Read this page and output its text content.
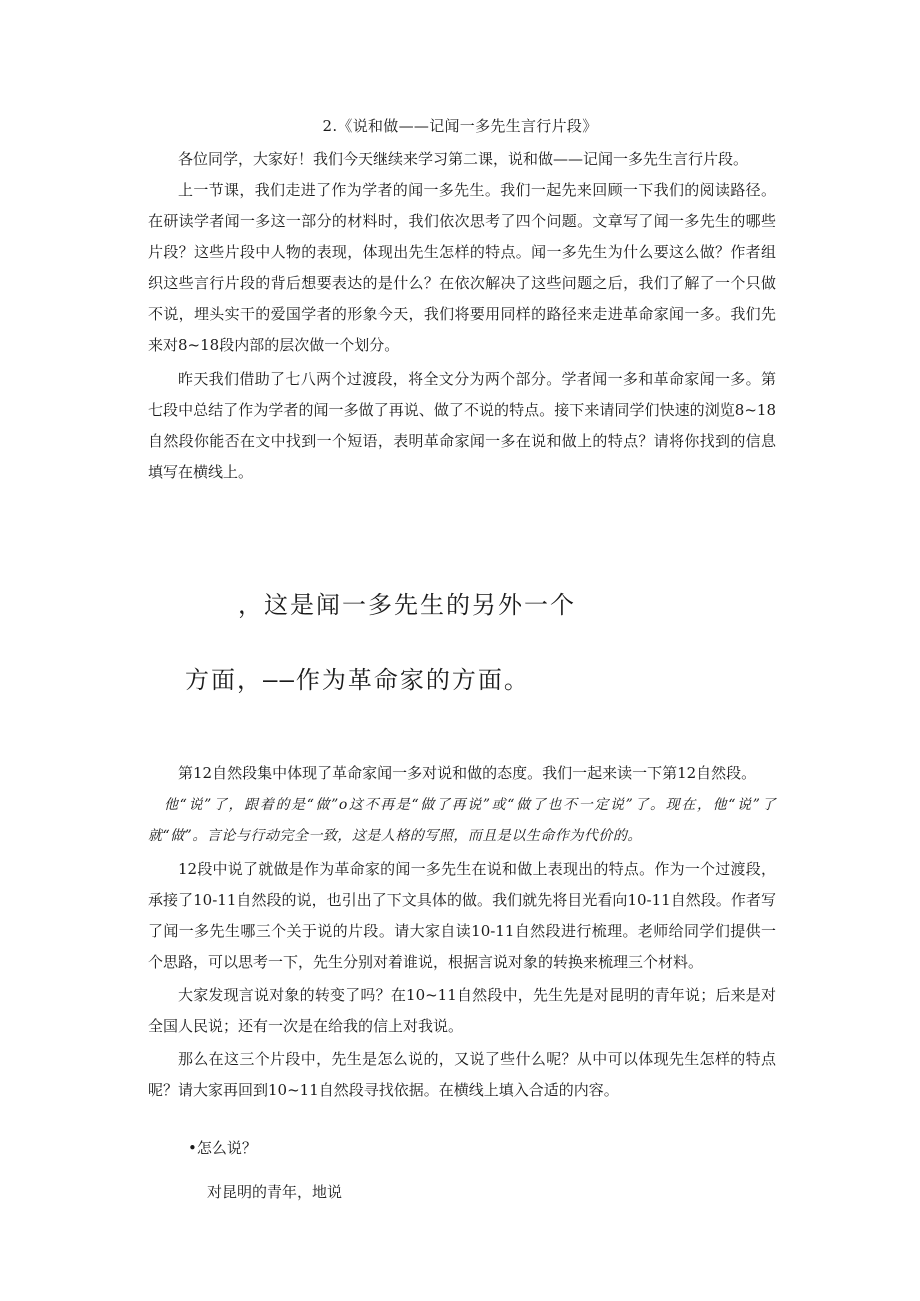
2.《说和做——记闻一多先生言行片段》

各位同学，大家好！我们今天继续来学习第二课，说和做——记闻一多先生言行片段。

上一节课，我们走进了作为学者的闻一多先生。我们一起先来回顾一下我们的阅读路径。在研读学者闻一多这一部分的材料时，我们依次思考了四个问题。文章写了闻一多先生的哪些片段？这些片段中人物的表现，体现出先生怎样的特点。闻一多先生为什么要这么做？作者组织这些言行片段的背后想要表达的是什么？在依次解决了这些问题之后，我们了解了一个只做不说，埋头实干的爱国学者的形象今天，我们将要用同样的路径来走进革命家闻一多。我们先来对8~18段内部的层次做一个划分。

昨天我们借助了七八两个过渡段，将全文分为两个部分。学者闻一多和革命家闻一多。第七段中总结了作为学者的闻一多做了再说、做了不说的特点。接下来请同学们快速的浏览8~18自然段你能否在文中找到一个短语，表明革命家闻一多在说和做上的特点？请将你找到的信息填写在横线上。

，这是闻一多先生的另外一个
方面，——作为革命家的方面。

第12自然段集中体现了革命家闻一多对说和做的态度。我们一起来读一下第12自然段。

他“说”了，跟着的是“做”o这不再是“做了再说”或“做了也不一定说”了。现在，他“说”了就“做”。言论与行动完全一致，这是人格的写照，而且是以生命作为代价的。

12段中说了就做是作为革命家的闻一多先生在说和做上表现出的特点。作为一个过渡段，承接了10-11自然段的说，也引出了下文具体的做。我们就先将目光看向10-11自然段。作者写了闻一多先生哪三个关于说的片段。请大家自读10-11自然段进行梳理。老师给同学们提供一个思路，可以思考一下，先生分别对着谁说，根据言说对象的转换来梳理三个材料。

大家发现言说对象的转变了吗？在10~11自然段中，先生先是对昆明的青年说；后来是对全国人民说；还有一次是在给我的信上对我说。

那么在这三个片段中，先生是怎么说的，又说了些什么呢？从中可以体现先生怎样的特点呢？请大家再回到10~11自然段寻找依据。在横线上填入合适的内容。

•怎么说？
对昆明的青年，地说
